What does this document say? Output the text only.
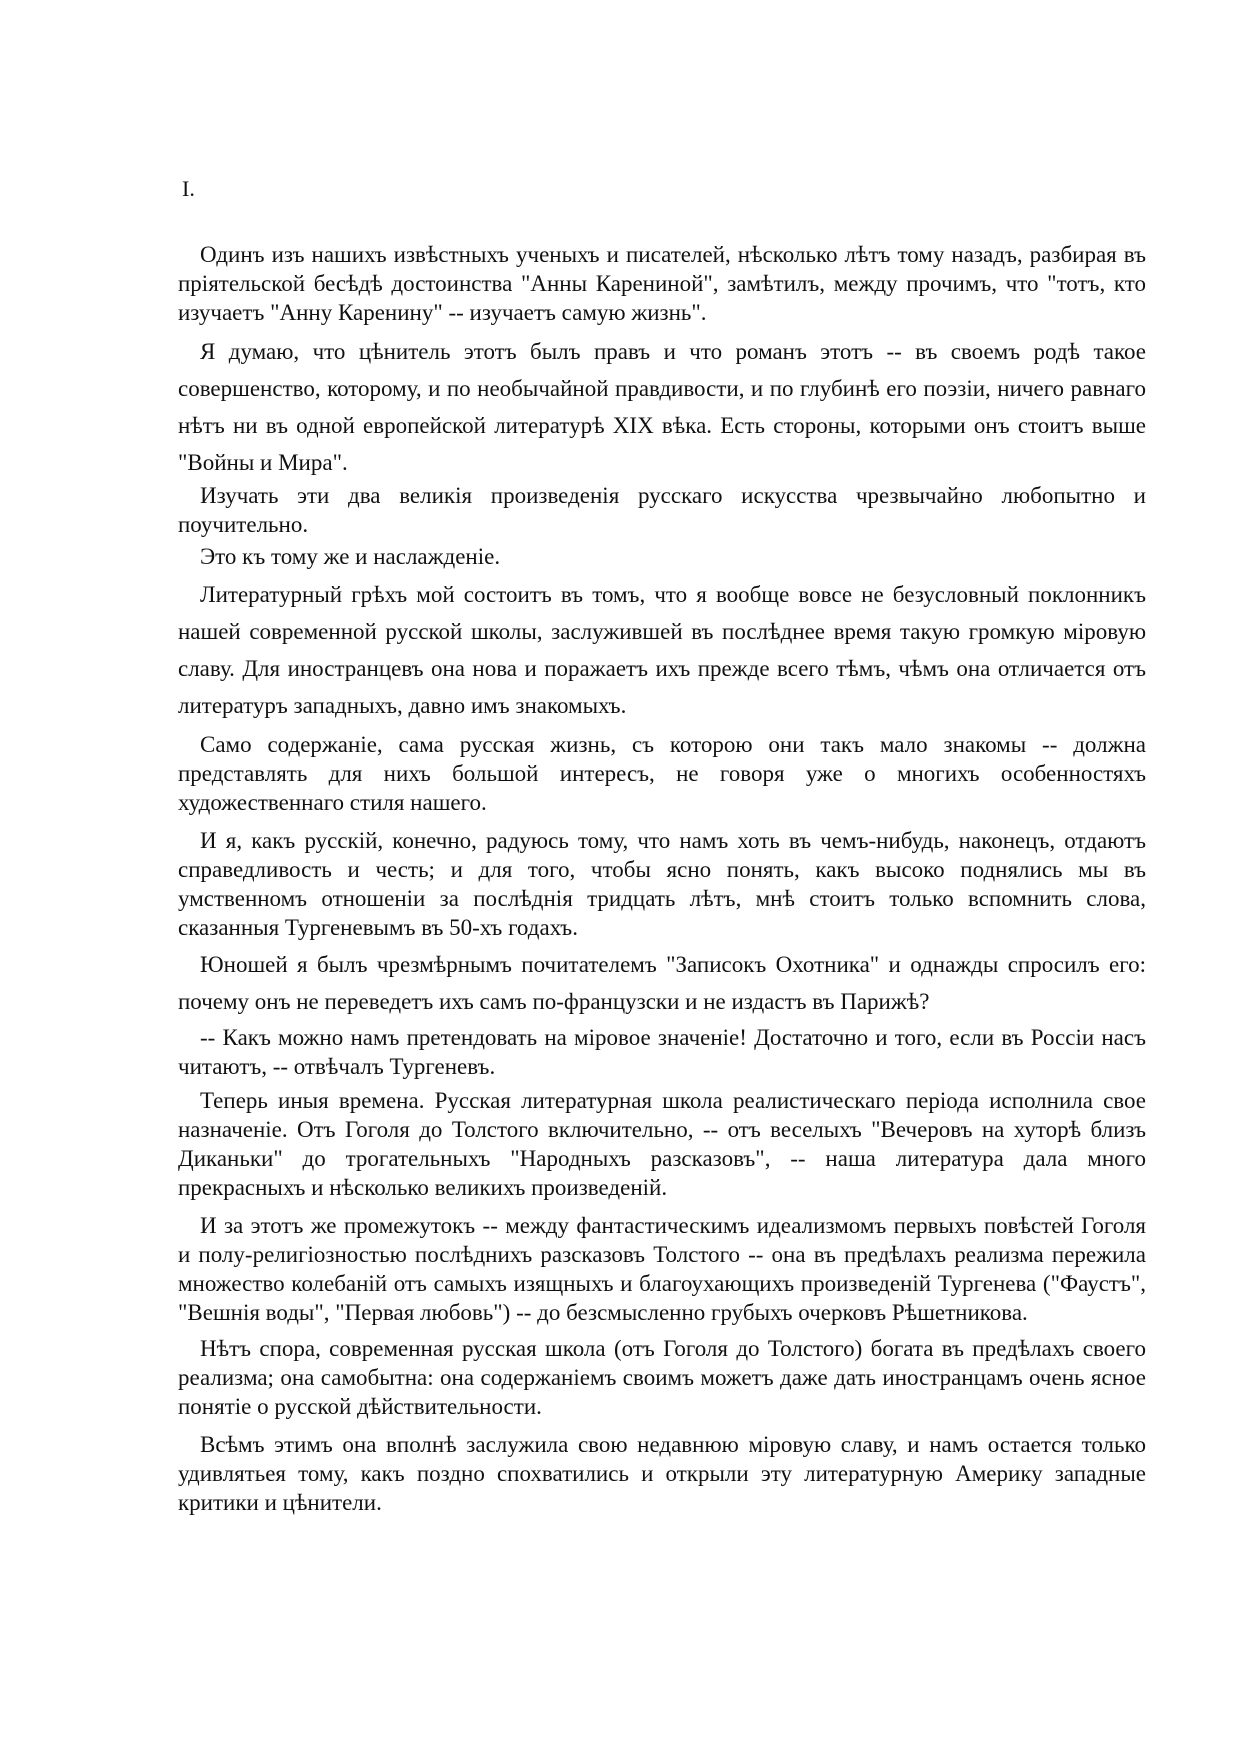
I.

Одинъ изъ нашихъ извѣстныхъ ученыхъ и писателей, нѣсколько лѣтъ тому назадъ, разбирая въ пріятельской бесѣдѣ достоинства "Анны Карениной", замѣтилъ, между прочимъ, что "тотъ, кто изучаетъ "Анну Каренину" -- изучаетъ самую жизнь".

Я думаю, что цѣнитель этотъ былъ правъ и что романъ этотъ -- въ своемъ родѣ такое совершенство, которому, и по необычайной правдивости, и по глубинѣ его поэзіи, ничего равнаго нѣтъ ни въ одной европейской литературѣ XIX вѣка. Есть стороны, которыми онъ стоитъ выше "Войны и Мира".

Изучать эти два великія произведенія русскаго искусства чрезвычайно любопытно и поучительно.

Это къ тому же и наслажденіе.

Литературный грѣхъ мой состоитъ въ томъ, что я вообще вовсе не безусловный поклонникъ нашей современной русской школы, заслужившей въ послѣднее время такую громкую міровую славу. Для иностранцевъ она нова и поражаетъ ихъ прежде всего тѣмъ, чѣмъ она отличается отъ литературъ западныхъ, давно имъ знакомыхъ.

Само содержаніе, сама русская жизнь, съ которою они такъ мало знакомы -- должна представлять для нихъ большой интересъ, не говоря уже о многихъ особенностяхъ художественнаго стиля нашего.

И я, какъ русскій, конечно, радуюсь тому, что намъ хоть въ чемъ-нибудь, наконецъ, отдаютъ справедливость и честь; и для того, чтобы ясно понять, какъ высоко поднялись мы въ умственномъ отношеніи за послѣднія тридцать лѣтъ, мнѣ стоитъ только вспомнить слова, сказанныя Тургеневымъ въ 50-хъ годахъ.

Юношей я былъ чрезмѣрнымъ почитателемъ "Записокъ Охотника" и однажды спросилъ его: почему онъ не переведетъ ихъ самъ по-французски и не издастъ въ Парижѣ?

-- Какъ можно намъ претендовать на міровое значеніе! Достаточно и того, если въ Россіи насъ читаютъ, -- отвѣчалъ Тургеневъ.

Теперь иныя времена. Русская литературная школа реалистическаго періода исполнила свое назначеніе. Отъ Гоголя до Толстого включительно, -- отъ веселыхъ "Вечеровъ на хуторѣ близъ Диканьки" до трогательныхъ "Народныхъ разсказовъ", -- наша литература дала много прекрасныхъ и нѣсколько великихъ произведеній.

И за этотъ же промежутокъ -- между фантастическимъ идеализмомъ первыхъ повѣстей Гоголя и полу-религіозностью послѣднихъ разсказовъ Толстого -- она въ предѣлахъ реализма пережила множество колебаній отъ самыхъ изящныхъ и благоухающихъ произведеній Тургенева ("Фаустъ", "Вешнія воды", "Первая любовь") -- до безсмысленно грубыхъ очерковъ Рѣшетникова.

Нѣтъ спора, современная русская школа (отъ Гоголя до Толстого) богата въ предѣлахъ своего реализма; она самобытна: она содержаніемъ своимъ можетъ даже дать иностранцамъ очень ясное понятіе о русской дѣйствительности.

Всѣмъ этимъ она вполнѣ заслужила свою недавнюю міровую славу, и намъ остается только удивлятьея тому, какъ поздно спохватились и открыли эту литературную Америку западные критики и цѣнители.
